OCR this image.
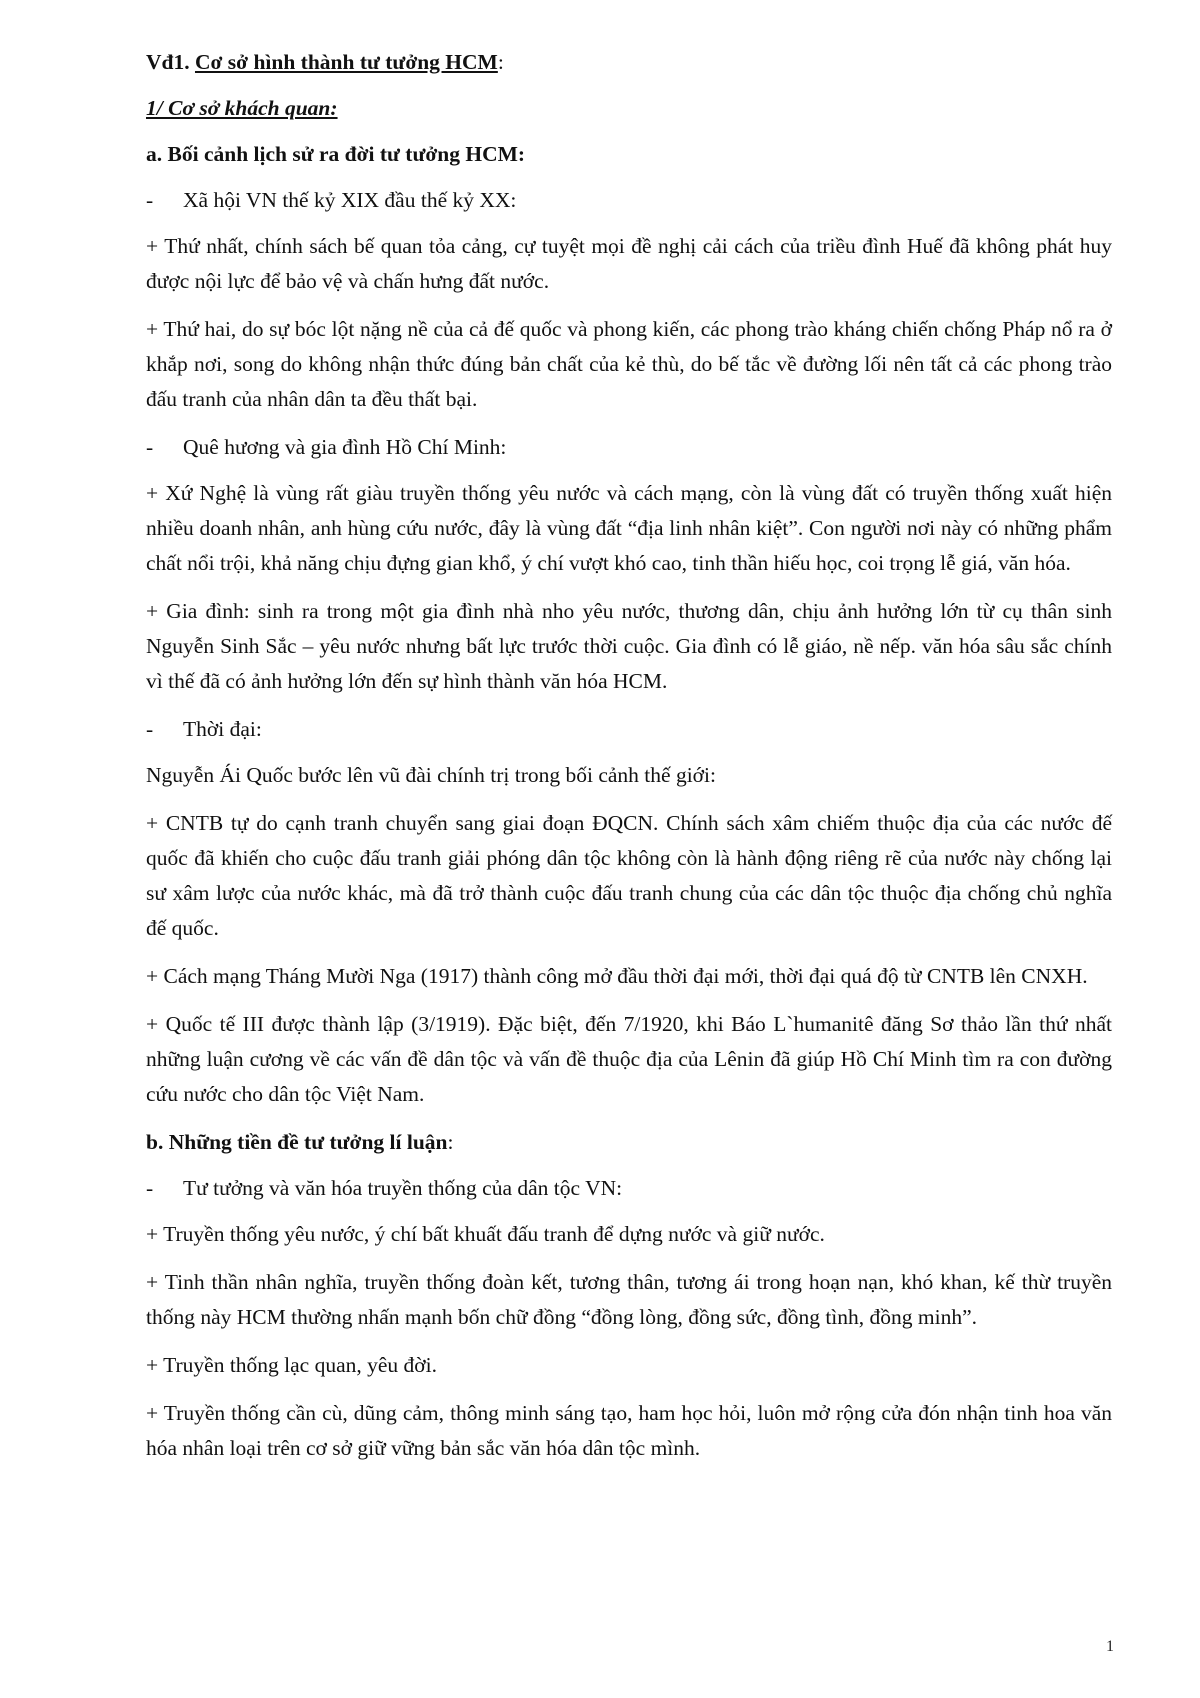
Vđ1. Cơ sở hình thành tư tưởng HCM:

1/ Cơ sở khách quan:

a. Bối cảnh lịch sử ra đời tư tưởng HCM:

-	Xã hội VN thế kỷ XIX đầu thế kỷ XX:

+ Thứ nhất, chính sách bế quan tỏa cảng, cự tuyệt mọi đề nghị cải cách của triều đình Huế đã không phát huy được nội lực để bảo vệ và chấn hưng đất nước.

+ Thứ hai, do sự bóc lột nặng nề của cả đế quốc và phong kiến, các phong trào kháng chiến chống Pháp nổ ra ở khắp nơi, song do không nhận thức đúng bản chất của kẻ thù, do bế tắc về đường lối nên tất cả các phong trào đấu tranh của nhân dân ta đều thất bại.

-	Quê hương và gia đình Hồ Chí Minh:

+ Xứ Nghệ là vùng rất giàu truyền thống yêu nước và cách mạng, còn là vùng đất có truyền thống xuất hiện nhiều doanh nhân, anh hùng cứu nước, đây là vùng đất “địa linh nhân kiệt”. Con người nơi này có những phẩm chất nổi trội, khả năng chịu đựng gian khổ, ý chí vượt khó cao, tinh thần hiếu học, coi trọng lễ giá, văn hóa.

+ Gia đình: sinh ra trong một gia đình nhà nho yêu nước, thương dân, chịu ảnh hưởng lớn từ cụ thân sinh Nguyễn Sinh Sắc – yêu nước nhưng bất lực trước thời cuộc. Gia đình có lễ giáo, nề nếp. văn hóa sâu sắc chính vì thế đã có ảnh hưởng lớn đến sự hình thành văn hóa HCM.

-	Thời đại:

Nguyễn Ái Quốc bước lên vũ đài chính trị trong bối cảnh thế giới:

+ CNTB tự do cạnh tranh chuyển sang giai đoạn ĐQCN. Chính sách xâm chiếm thuộc địa của các nước đế quốc đã khiến cho cuộc đấu tranh giải phóng dân tộc không còn là hành động riêng rẽ của nước này chống lại sư xâm lược của nước khác, mà đã trở thành cuộc đấu tranh chung của các dân tộc thuộc địa chống chủ nghĩa đế quốc.

+ Cách mạng Tháng Mười Nga (1917) thành công mở đầu thời đại mới, thời đại quá độ từ CNTB lên CNXH.

+ Quốc tế III được thành lập (3/1919). Đặc biệt, đến 7/1920, khi Báo L`humanitê đăng Sơ thảo lần thứ nhất những luận cương về các vấn đề dân tộc và vấn đề thuộc địa của Lênin đã giúp Hồ Chí Minh tìm ra con đường cứu nước cho dân tộc Việt Nam.

b. Những tiền đề tư tưởng lí luận:

-	Tư tưởng và văn hóa truyền thống của dân tộc VN:

+ Truyền thống yêu nước, ý chí bất khuất đấu tranh để dựng nước và giữ nước.

+ Tinh thần nhân nghĩa, truyền thống đoàn kết, tương thân, tương ái trong hoạn nạn, khó khan, kế thừ truyền thống này HCM thường nhấn mạnh bốn chữ đồng “đồng lòng, đồng sức, đồng tình, đồng minh”.

+ Truyền thống lạc quan, yêu đời.

+ Truyền thống cần cù, dũng cảm, thông minh sáng tạo, ham học hỏi, luôn mở rộng cửa đón nhận tinh hoa văn hóa nhân loại trên cơ sở giữ vững bản sắc văn hóa dân tộc mình.

1
